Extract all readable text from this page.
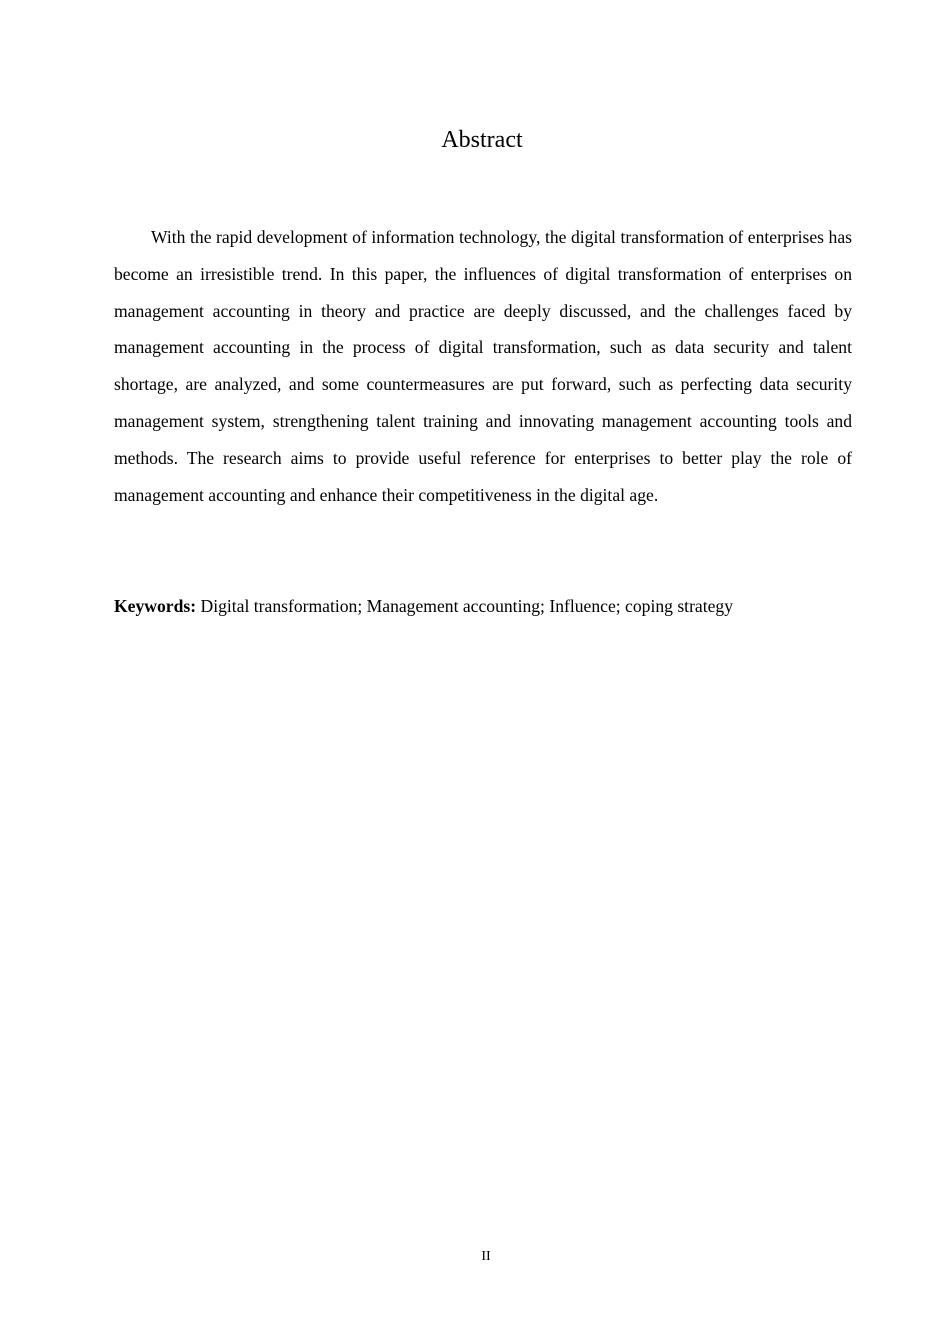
Abstract

With the rapid development of information technology, the digital transformation of enterprises has become an irresistible trend. In this paper, the influences of digital transformation of enterprises on management accounting in theory and practice are deeply discussed, and the challenges faced by management accounting in the process of digital transformation, such as data security and talent shortage, are analyzed, and some countermeasures are put forward, such as perfecting data security management system, strengthening talent training and innovating management accounting tools and methods. The research aims to provide useful reference for enterprises to better play the role of management accounting and enhance their competitiveness in the digital age.

Keywords: Digital transformation; Management accounting; Influence; coping strategy

II
